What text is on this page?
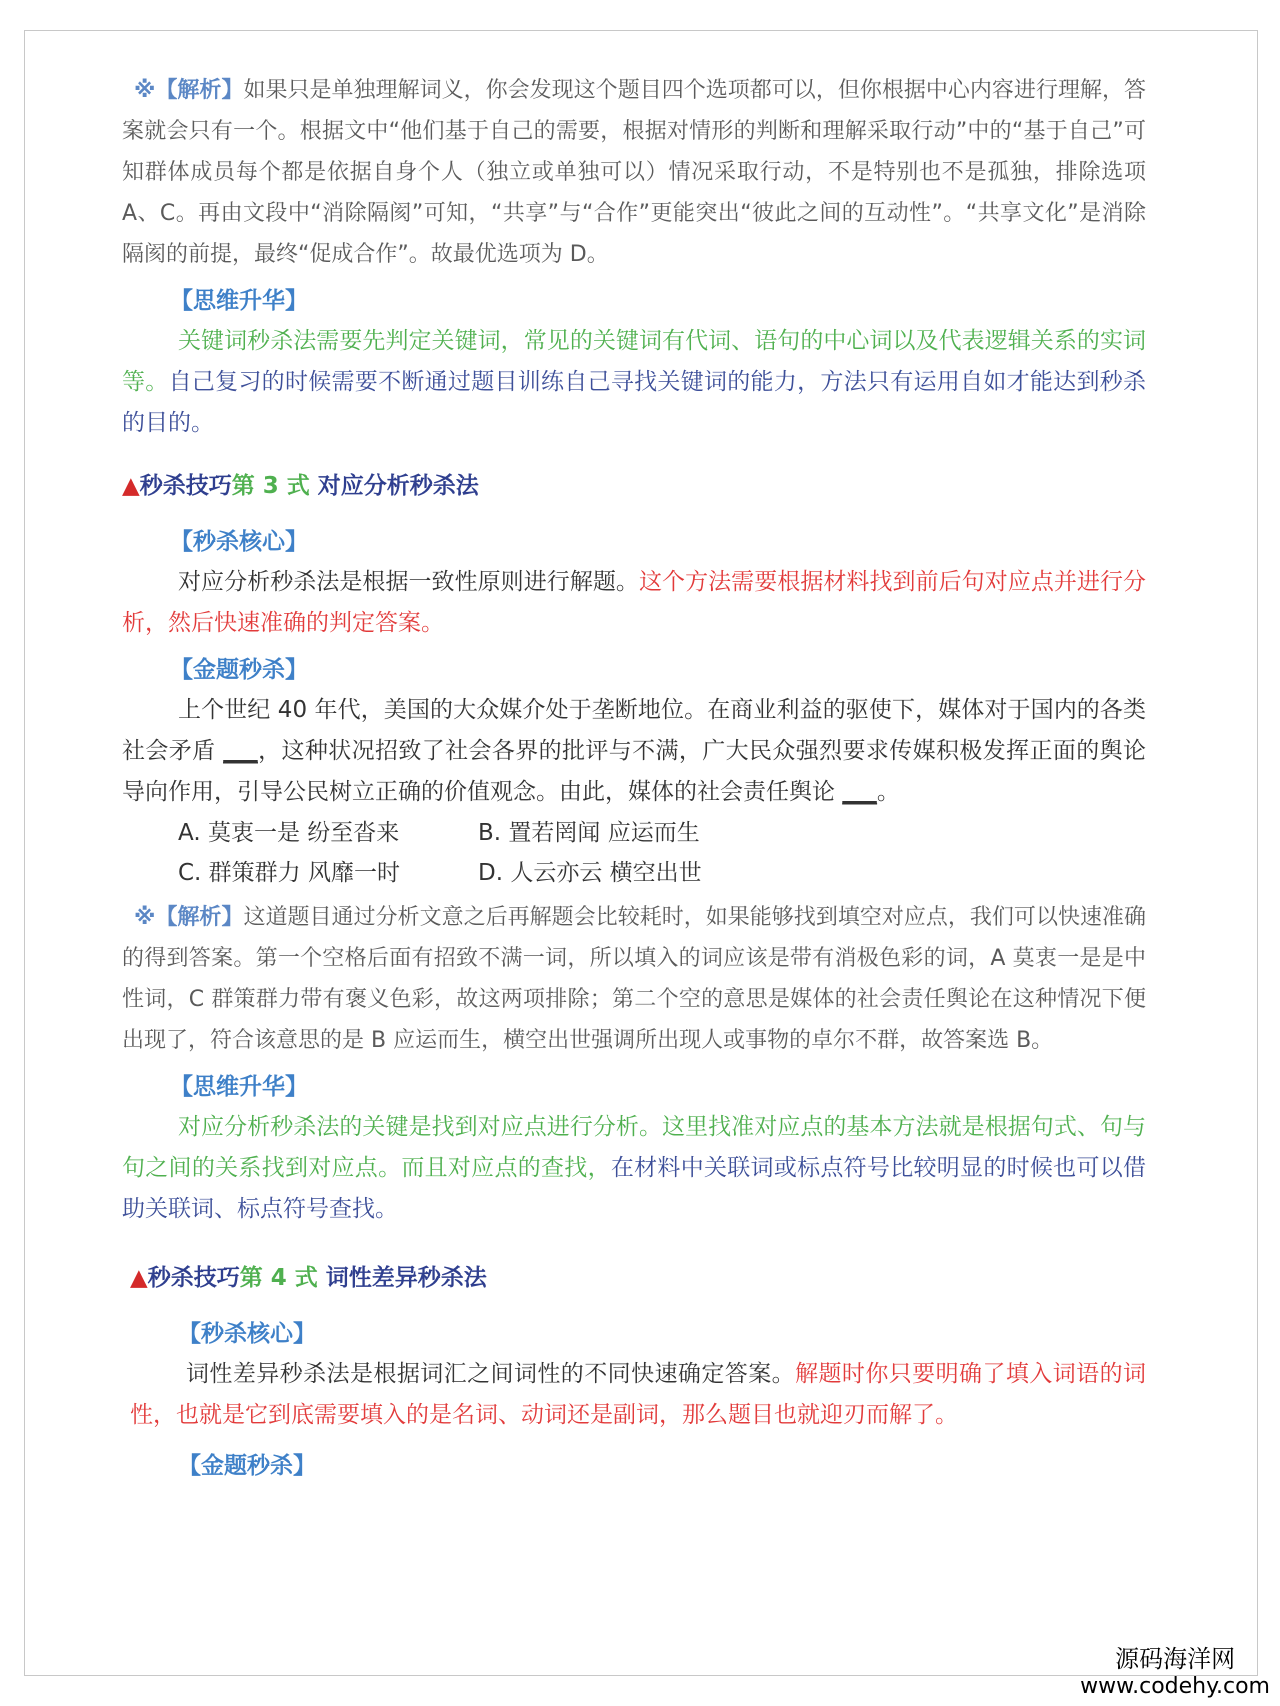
※【解析】如果只是单独理解词义，你会发现这个题目四个选项都可以，但你根据中心内容进行理解，答案就会只有一个。根据文中“他们基于自己的需要，根据对情形的判断和理解采取行动”中的“基于自己”可知群体成员每个都是依据自身个人（独立或单独可以）情况采取行动，不是特别也不是孤独，排除选项 A、C。再由文段中“消除隔阂”可知，“共享”与“合作”更能突出“彼此之间的互动性”。“共享文化”是消除隔阂的前提，最终“促成合作”。故最优选项为 D。

【思维升华】

关键词秒杀法需要先判定关键词，常见的关键词有代词、语句的中心词以及代表逻辑关系的实词等。自己复习的时候需要不断通过题目训练自己寻找关键词的能力，方法只有运用自如才能达到秒杀的目的。

▲秒杀技巧第 3 式 对应分析秒杀法
【秒杀核心】

对应分析秒杀法是根据一致性原则进行解题。这个方法需要根据材料找到前后句对应点并进行分析，然后快速准确的判定答案。

【金题秒杀】

上个世纪 40 年代，美国的大众媒介处于垄断地位。在商业利益的驱使下，媒体对于国内的各类社会矛盾 ___，这种状况招致了社会各界的批评与不满，广大民众强烈要求传媒积极发挥正面的舆论导向作用，引导公民树立正确的价值观念。由此，媒体的社会责任舆论 ___。

A. 莫衷一是 纷至沓来	B. 置若罔闻 应运而生
C. 群策群力 风靡一时	D. 人云亦云 横空出世

※【解析】这道题目通过分析文意之后再解题会比较耗时，如果能够找到填空对应点，我们可以快速准确的得到答案。第一个空格后面有招致不满一词，所以填入的词应该是带有消极色彩的词，A 莫衷一是是中性词，C 群策群力带有褒义色彩，故这两项排除；第二个空的意思是媒体的社会责任舆论在这种情况下便出现了，符合该意思的是 B 应运而生，横空出世强调所出现人或事物的卓尔不群，故答案选 B。

【思维升华】

对应分析秒杀法的关键是找到对应点进行分析。这里找准对应点的基本方法就是根据句式、句与句之间的关系找到对应点。而且对应点的查找，在材料中关联词或标点符号比较明显的时候也可以借助关联词、标点符号查找。

▲秒杀技巧第 4 式 词性差异秒杀法
【秒杀核心】

词性差异秒杀法是根据词汇之间词性的不同快速确定答案。解题时你只要明确了填入词语的词性，也就是它到底需要填入的是名词、动词还是副词，那么题目也就迎刃而解了。

【金题秒杀】
源码海洋网
www.codehy.com
